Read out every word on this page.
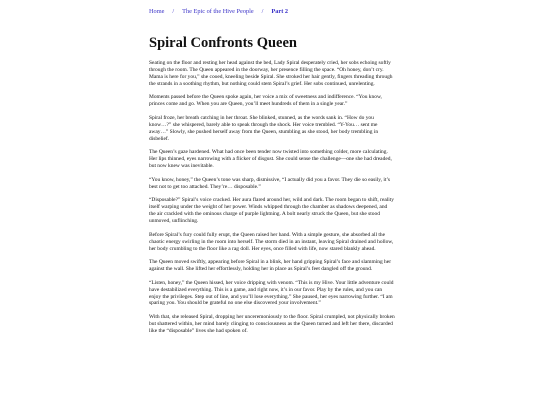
Home / The Epic of the Hive People / Part 2
Spiral Confronts Queen

Seating on the floor and resting her head against the bed, Lady Spiral desperately cried, her sobs echoing softly through the room. The Queen appeared in the doorway, her presence filling the space. “Oh honey, don’t cry. Mama is here for you,” she cooed, kneeling beside Spiral. She stroked her hair gently, fingers threading through the strands in a soothing rhythm, but nothing could stem Spiral’s grief. Her sobs continued, unrelenting.

Moments passed before the Queen spoke again, her voice a mix of sweetness and indifference. “You know, princes come and go. When you are Queen, you’ll meet hundreds of them in a single year.”

Spiral froze, her breath catching in her throat. She blinked, stunned, as the words sank in. “How do you know…?” she whispered, barely able to speak through the shock. Her voice trembled. “Y-You… sent me away…” Slowly, she pushed herself away from the Queen, stumbling as she stood, her body trembling in disbelief.

The Queen’s gaze hardened. What had once been tender now twisted into something colder, more calculating. Her lips thinned, eyes narrowing with a flicker of disgust. She could sense the challenge—one she had dreaded, but now knew was inevitable.

“You know, honey,” the Queen’s tone was sharp, dismissive, “I actually did you a favor. They die so easily, it’s best not to get too attached. They’re… disposable.”

“Disposable?” Spiral’s voice cracked. Her aura flared around her, wild and dark. The room began to shift, reality itself warping under the weight of her power. Winds whipped through the chamber as shadows deepened, and the air crackled with the ominous charge of purple lightning. A bolt nearly struck the Queen, but she stood unmoved, unflinching.

Before Spiral’s fury could fully erupt, the Queen raised her hand. With a simple gesture, she absorbed all the chaotic energy swirling in the room into herself. The storm died in an instant, leaving Spiral drained and hollow, her body crumbling to the floor like a rag doll. Her eyes, once filled with life, now stared blankly ahead.

The Queen moved swiftly, appearing before Spiral in a blink, her hand gripping Spiral’s face and slamming her against the wall. She lifted her effortlessly, holding her in place as Spiral’s feet dangled off the ground.

“Listen, honey,” the Queen hissed, her voice dripping with venom. “This is my Hive. Your little adventure could have destabilized everything. This is a game, and right now, it’s in our favor. Play by the rules, and you can enjoy the privileges. Step out of line, and you’ll lose everything.” She paused, her eyes narrowing further. “I am sparing you. You should be grateful no one else discovered your involvement.”

With that, she released Spiral, dropping her unceremoniously to the floor. Spiral crumpled, not physically broken but shattered within, her mind barely clinging to consciousness as the Queen turned and left her there, discarded like the “disposable” lives she had spoken of.
